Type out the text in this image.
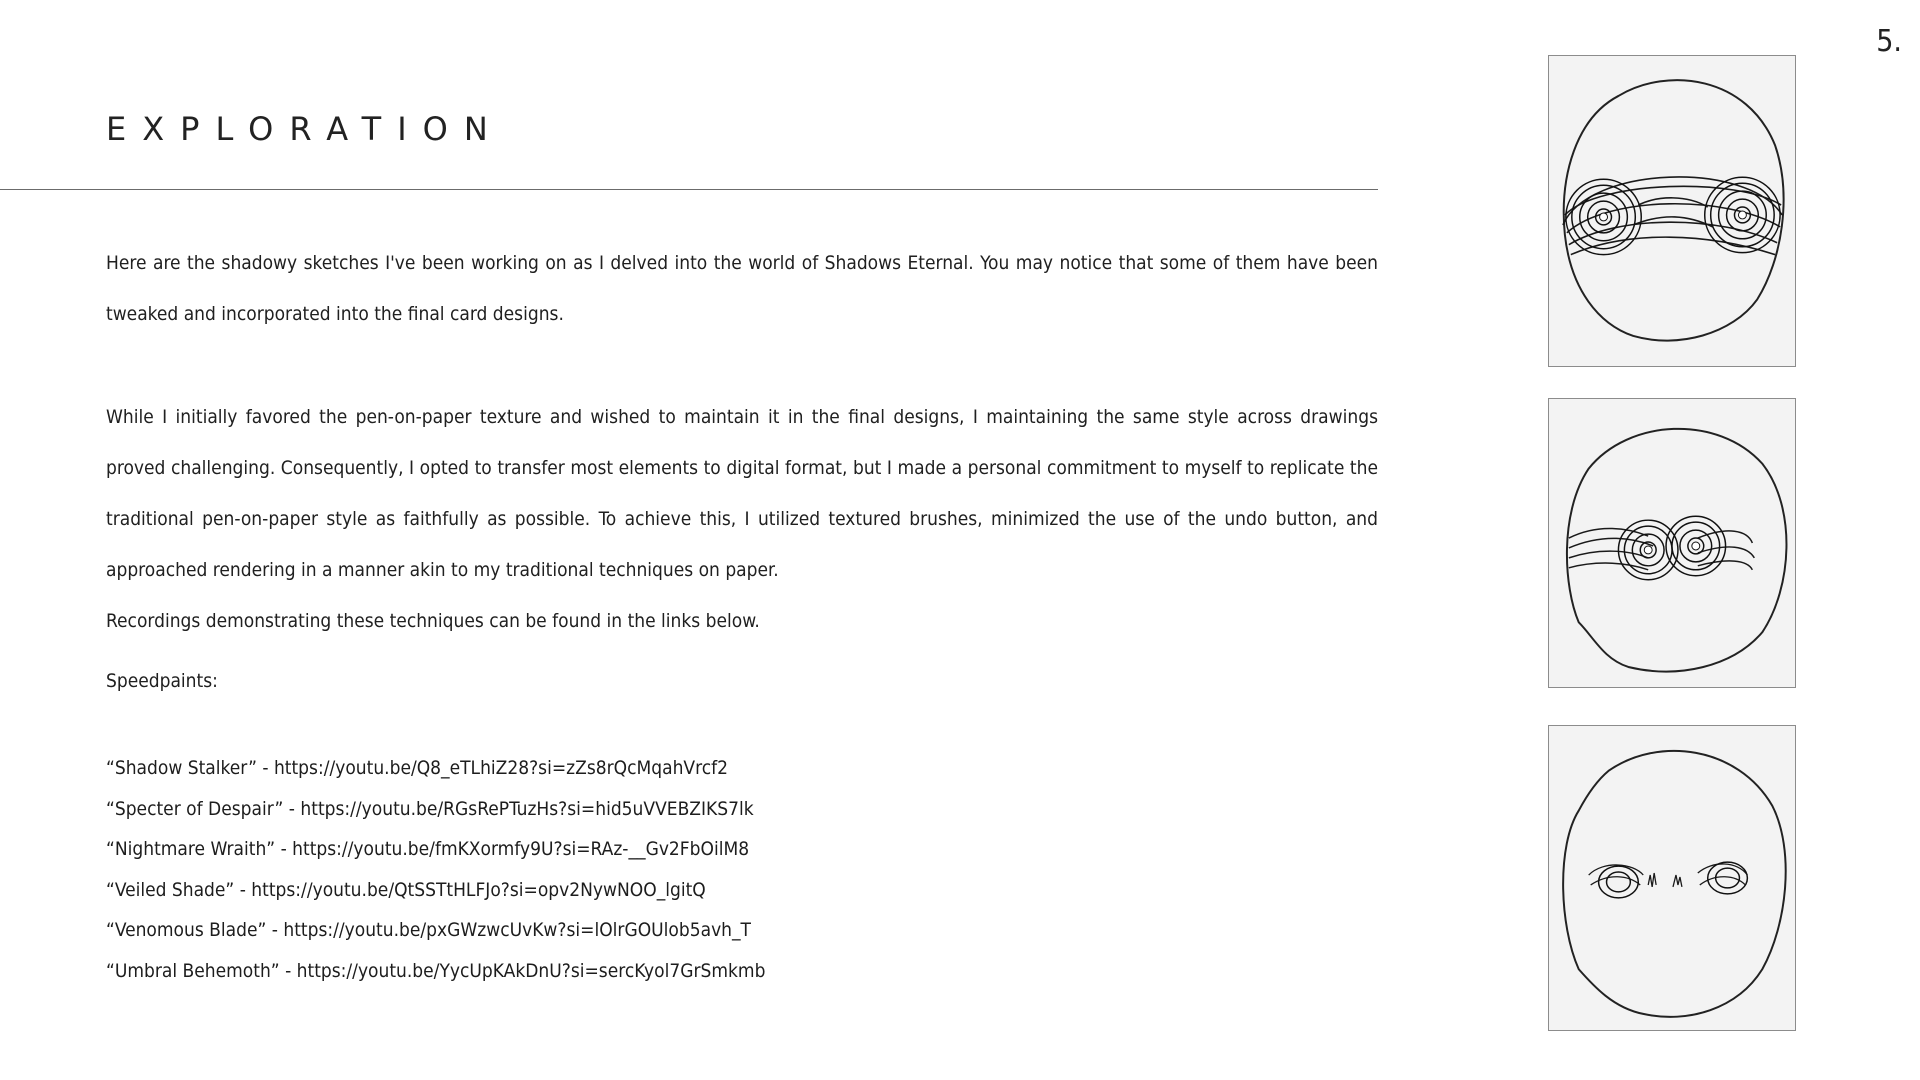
5.
EXPLORATION
Here are the shadowy sketches I've been working on as I delved into the world of Shadows Eternal. You may notice that some of them have been tweaked and incorporated into the final card designs.
While I initially favored the pen-on-paper texture and wished to maintain it in the final designs, I maintaining the same style across drawings proved challenging. Consequently, I opted to transfer most elements to digital format, but I made a personal commitment to myself to replicate the traditional pen-on-paper style as faithfully as possible. To achieve this, I utilized textured brushes, minimized the use of the undo button, and approached rendering in a manner akin to my traditional techniques on paper.
Recordings demonstrating these techniques can be found in the links below.
Speedpaints:
“Shadow Stalker” - https://youtu.be/Q8_eTLhiZ28?si=zZs8rQcMqahVrcf2
“Specter of Despair” - https://youtu.be/RGsRePTuzHs?si=hid5uVVEBZIKS7lk
“Nightmare Wraith” - https://youtu.be/fmKXormfy9U?si=RAz-__Gv2FbOilM8
“Veiled Shade” - https://youtu.be/QtSSTtHLFJo?si=opv2NywNOO_lgitQ
“Venomous Blade” - https://youtu.be/pxGWzwcUvKw?si=lOlrGOUlob5avh_T
“Umbral Behemoth” - https://youtu.be/YycUpKAkDnU?si=sercKyol7GrSmkmb
